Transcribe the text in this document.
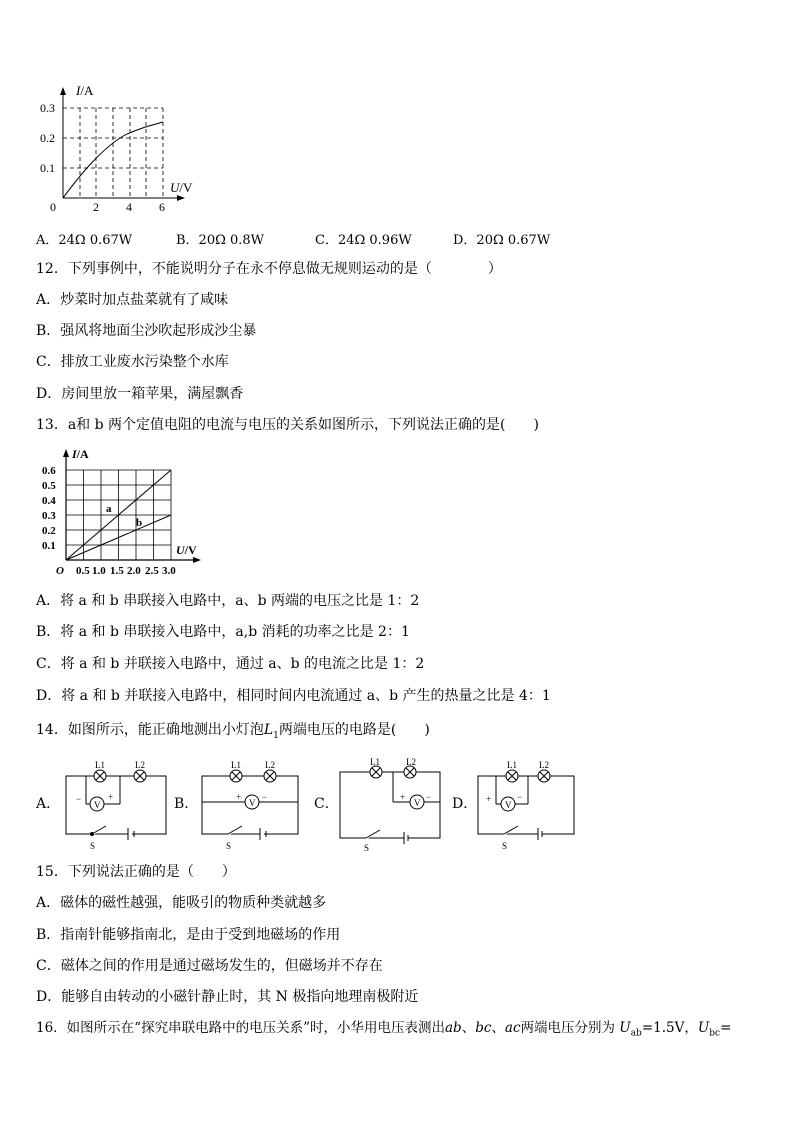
I/A
U/V
0.3
0.2
0.1
0	2 4 6
A．24Ω 0.67W	B．20Ω 0.8W	C．24Ω 0.96W	D．20Ω 0.67W
12．下列事例中，不能说明分子在永不停息做无规则运动的是（　　　　）
A．炒菜时加点盐菜就有了咸味
B．强风将地面尘沙吹起形成沙尘暴
C．排放工业废水污染整个水库
D．房间里放一箱苹果，满屋飘香
13．a和 b 两个定值电阻的电流与电压的关系如图所示，下列说法正确的是(　　)
a
b
I/A
U/V
0.6
0.5
0.4
0.3
0.2
0.1
O 0.5 1.0 1.5 2.0 2.5 3.0
A．将 a 和 b 串联接入电路中，a、b 两端的电压之比是 1：2
B．将 a 和 b 串联接入电路中，a,b 消耗的功率之比是 2：1
C．将 a 和 b 并联接入电路中，通过 a、b 的电流之比是 1：2
D．将 a 和 b 并联接入电路中，相同时间内电流通过 a、b 产生的热量之比是 4：1
14．如图所示，能正确地测出小灯泡$L_1$两端电压的电路是(　　)
A．	V
L1	L2
S
−	+	B．	V
L1	L2
S
+ −	C．	V
L1	L2
S
+ − D．	V
L1 L2
S
+	−
15．下列说法正确的是（　　）
A．磁体的磁性越强，能吸引的物质种类就越多
B．指南针能够指南北，是由于受到地磁场的作用
C．磁体之间的作用是通过磁场发生的，但磁场并不存在
D．能够自由转动的小磁针静止时，其 N 极指向地理南极附近
16．如图所示在“探究串联电路中的电压关系”时，小华用电压表测出ab、bc、ac两端电压分别为 $U_{ab}=1.5V$，$U_{bc}=$
